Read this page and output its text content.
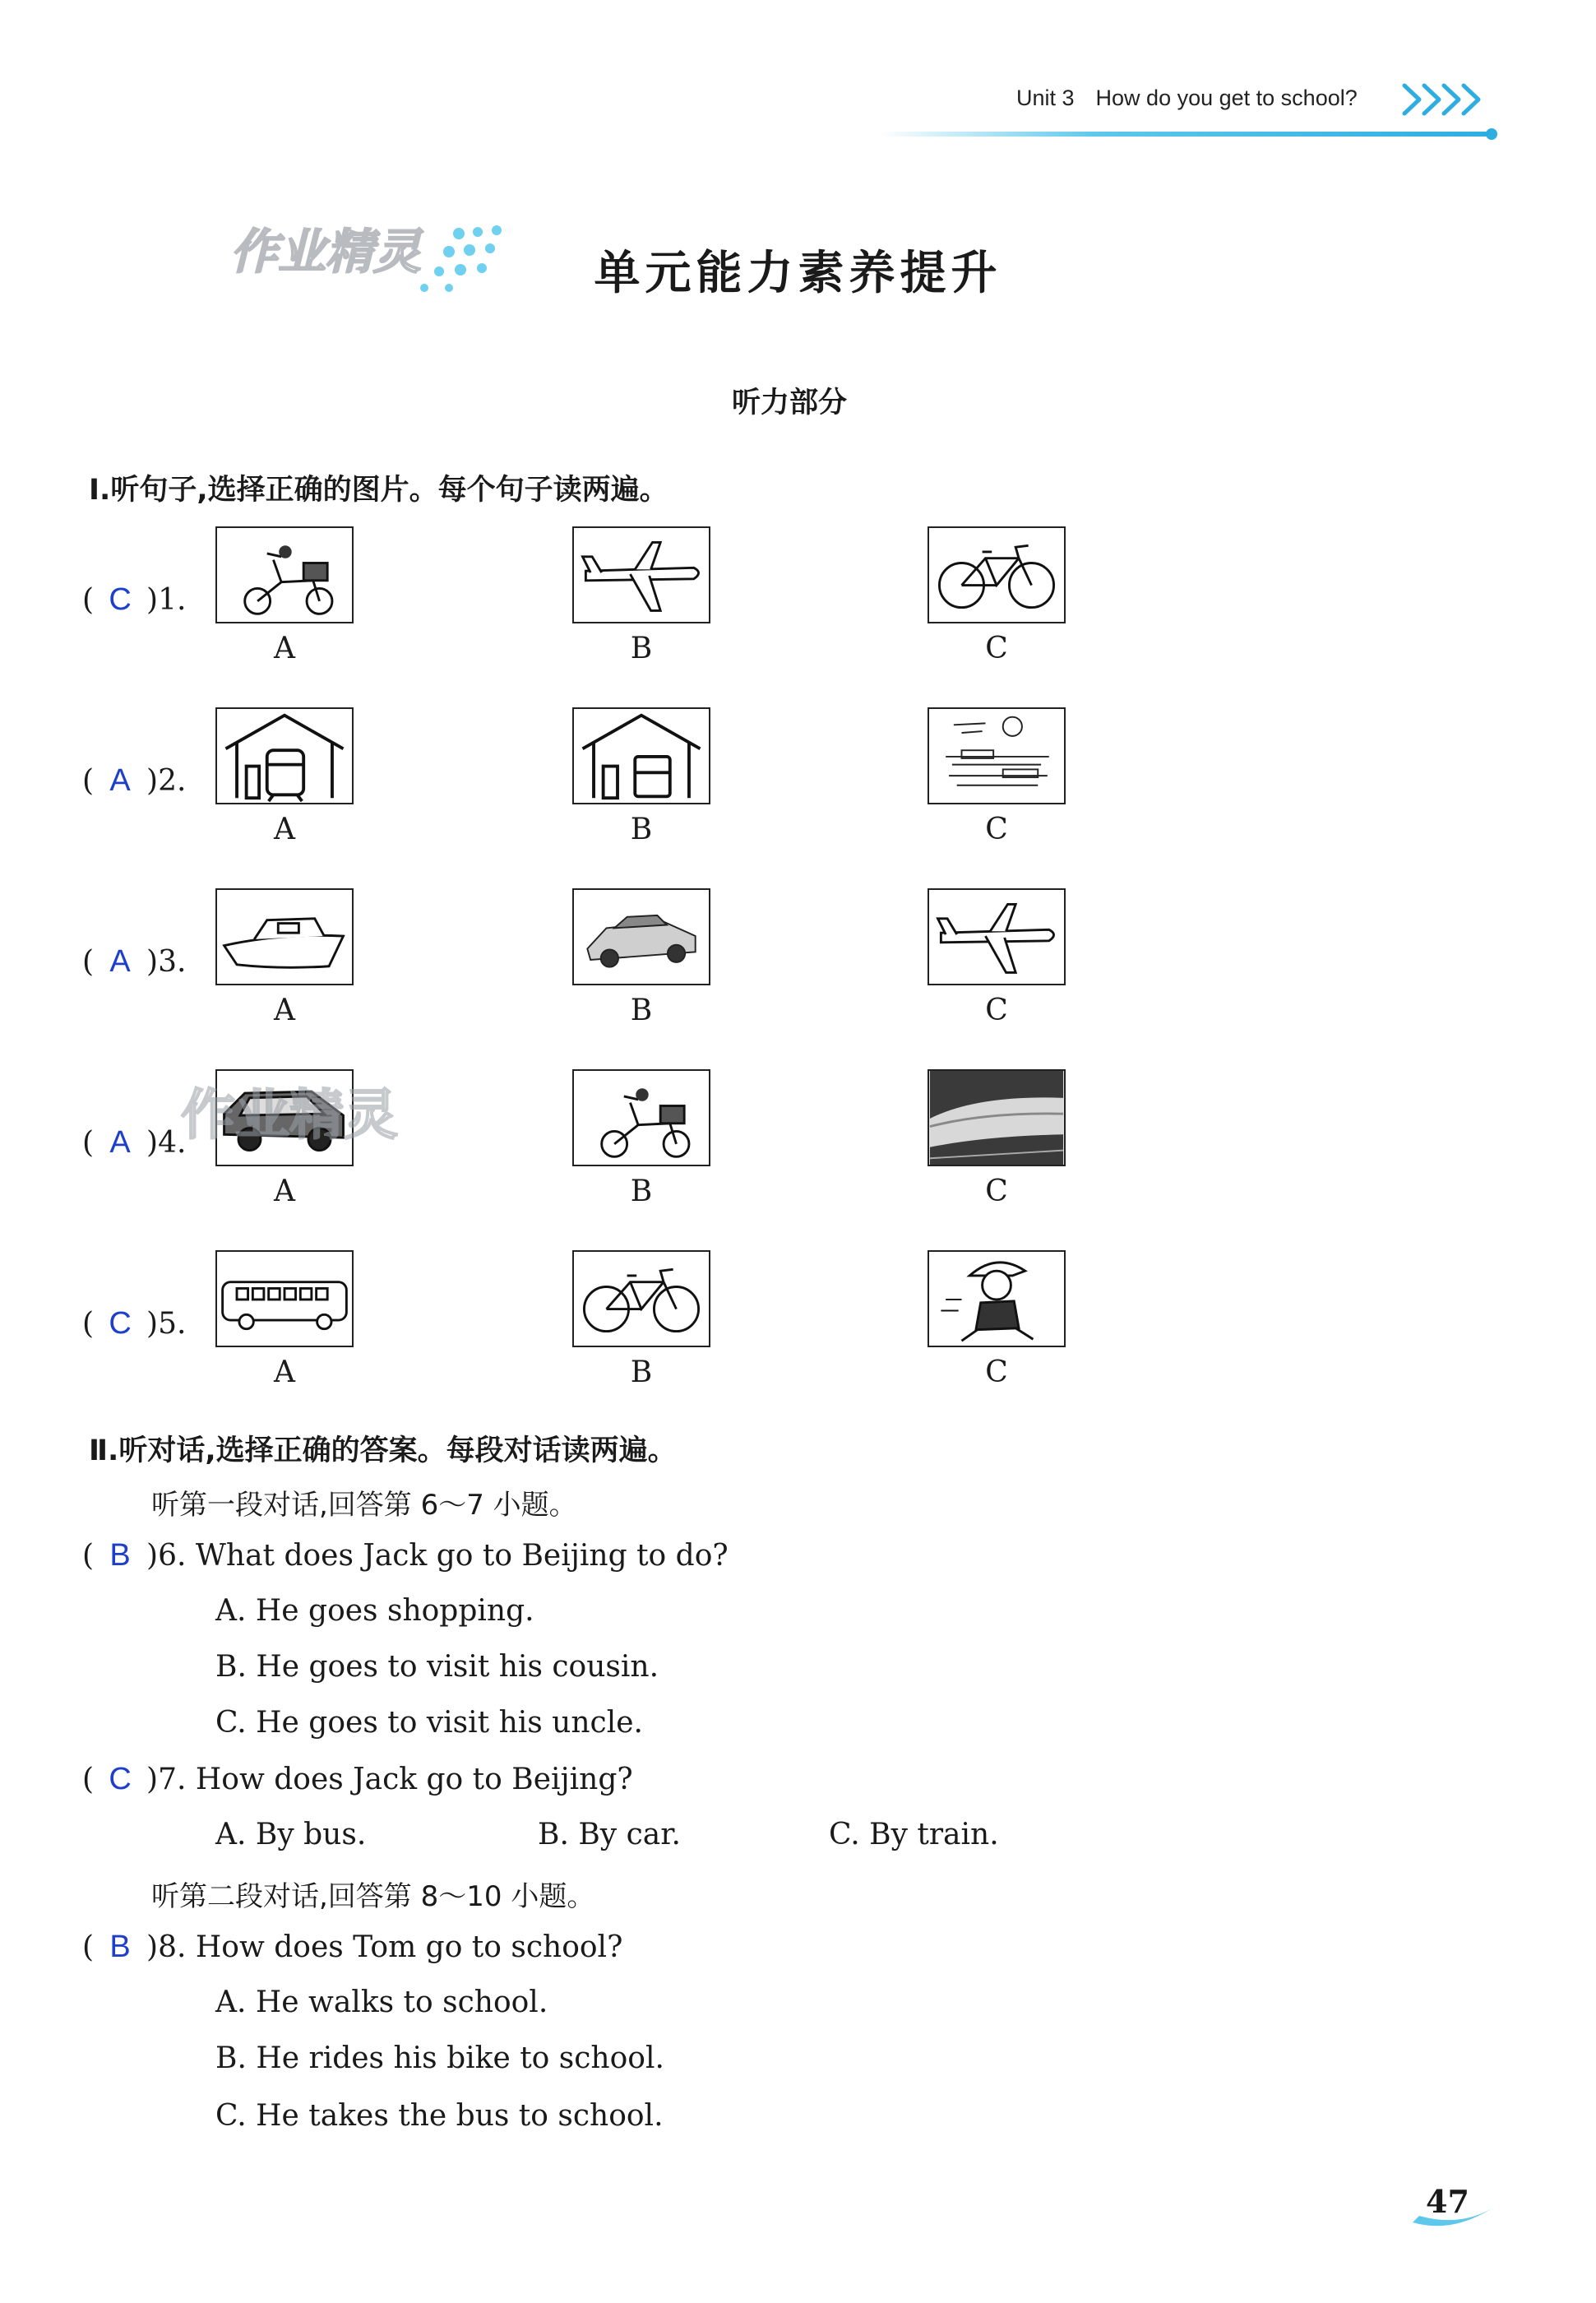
Unit 3 How do you get to school?
作业精灵	单元能力素养提升
听力部分
Ⅰ.听句子,选择正确的图片。每个句子读两遍。
( C )1.
A	B	C
( A )2.
A	B	C
( A )3.
A	B	C
( A )4.
A	B	C
( C )5.
A	B	C
作业精灵
Ⅱ.听对话,选择正确的答案。每段对话读两遍。
听第一段对话,回答第 6～7 小题。
( B )6. What does Jack go to Beijing to do?
A. He goes shopping.
B. He goes to visit his cousin.
C. He goes to visit his uncle.
( C )7. How does Jack go to Beijing?
A. By bus.	B. By car.	C. By train.
听第二段对话,回答第 8～10 小题。
( B )8. How does Tom go to school?
A. He walks to school.
B. He rides his bike to school.
C. He takes the bus to school.
47
